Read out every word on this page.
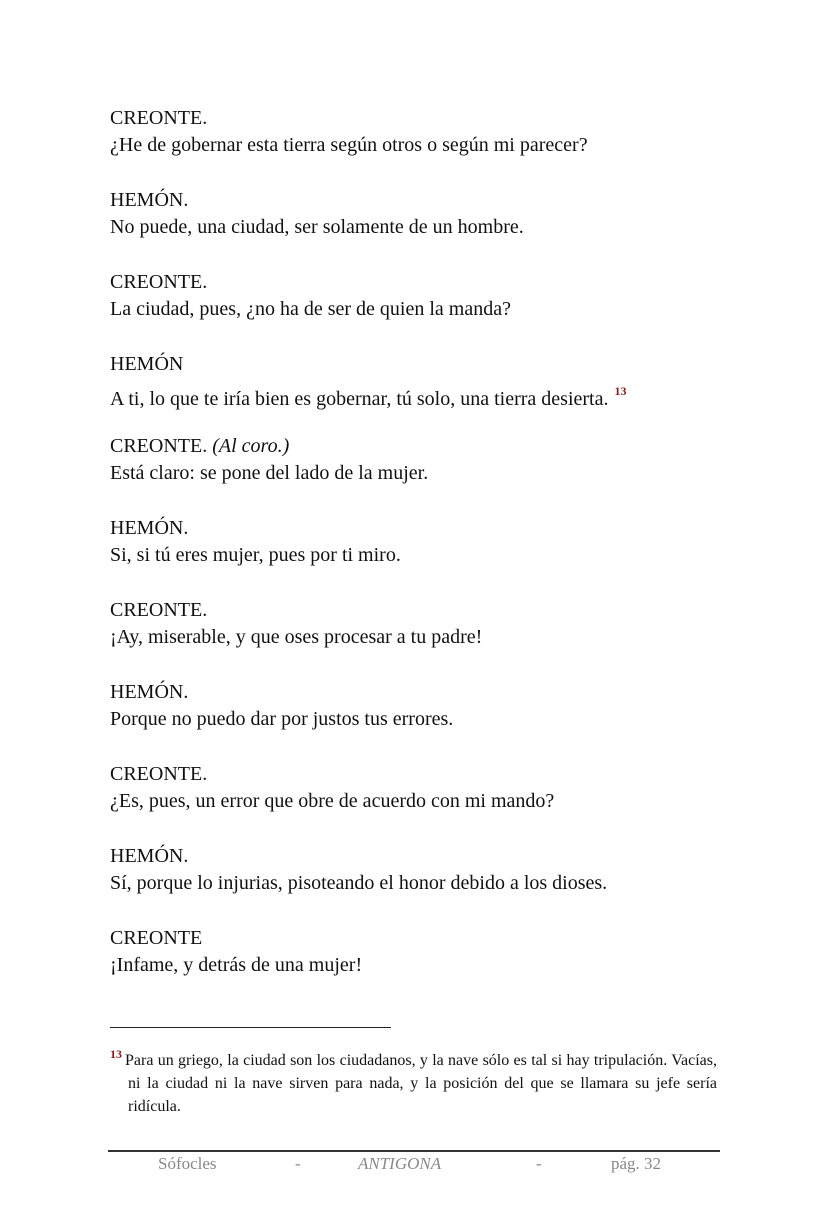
CREONTE.
¿He de gobernar esta tierra según otros o según mi parecer?
HEMÓN.
No puede, una ciudad, ser solamente de un hombre.
CREONTE.
La ciudad, pues, ¿no ha de ser de quien la manda?
HEMÓN
A ti, lo que te iría bien es gobernar, tú solo, una tierra desierta. $^{13}$
CREONTE. (Al coro.)
Está claro: se pone del lado de la mujer.
HEMÓN.
Si, si tú eres mujer, pues por ti miro.
CREONTE.
¡Ay, miserable, y que oses procesar a tu padre!
HEMÓN.
Porque no puedo dar por justos tus errores.
CREONTE.
¿Es, pues, un error que obre de acuerdo con mi mando?
HEMÓN.
Sí, porque lo injurias, pisoteando el honor debido a los dioses.
CREONTE
¡Infame, y detrás de una mujer!
$^{13}$ Para un griego, la ciudad son los ciudadanos, y la nave sólo es tal si hay tripulación. Vacías, ni la ciudad ni la nave sirven para nada, y la posición del que se llamara su jefe sería ridícula.
Sófocles	-	ANTIGONA	-	pág. 32
